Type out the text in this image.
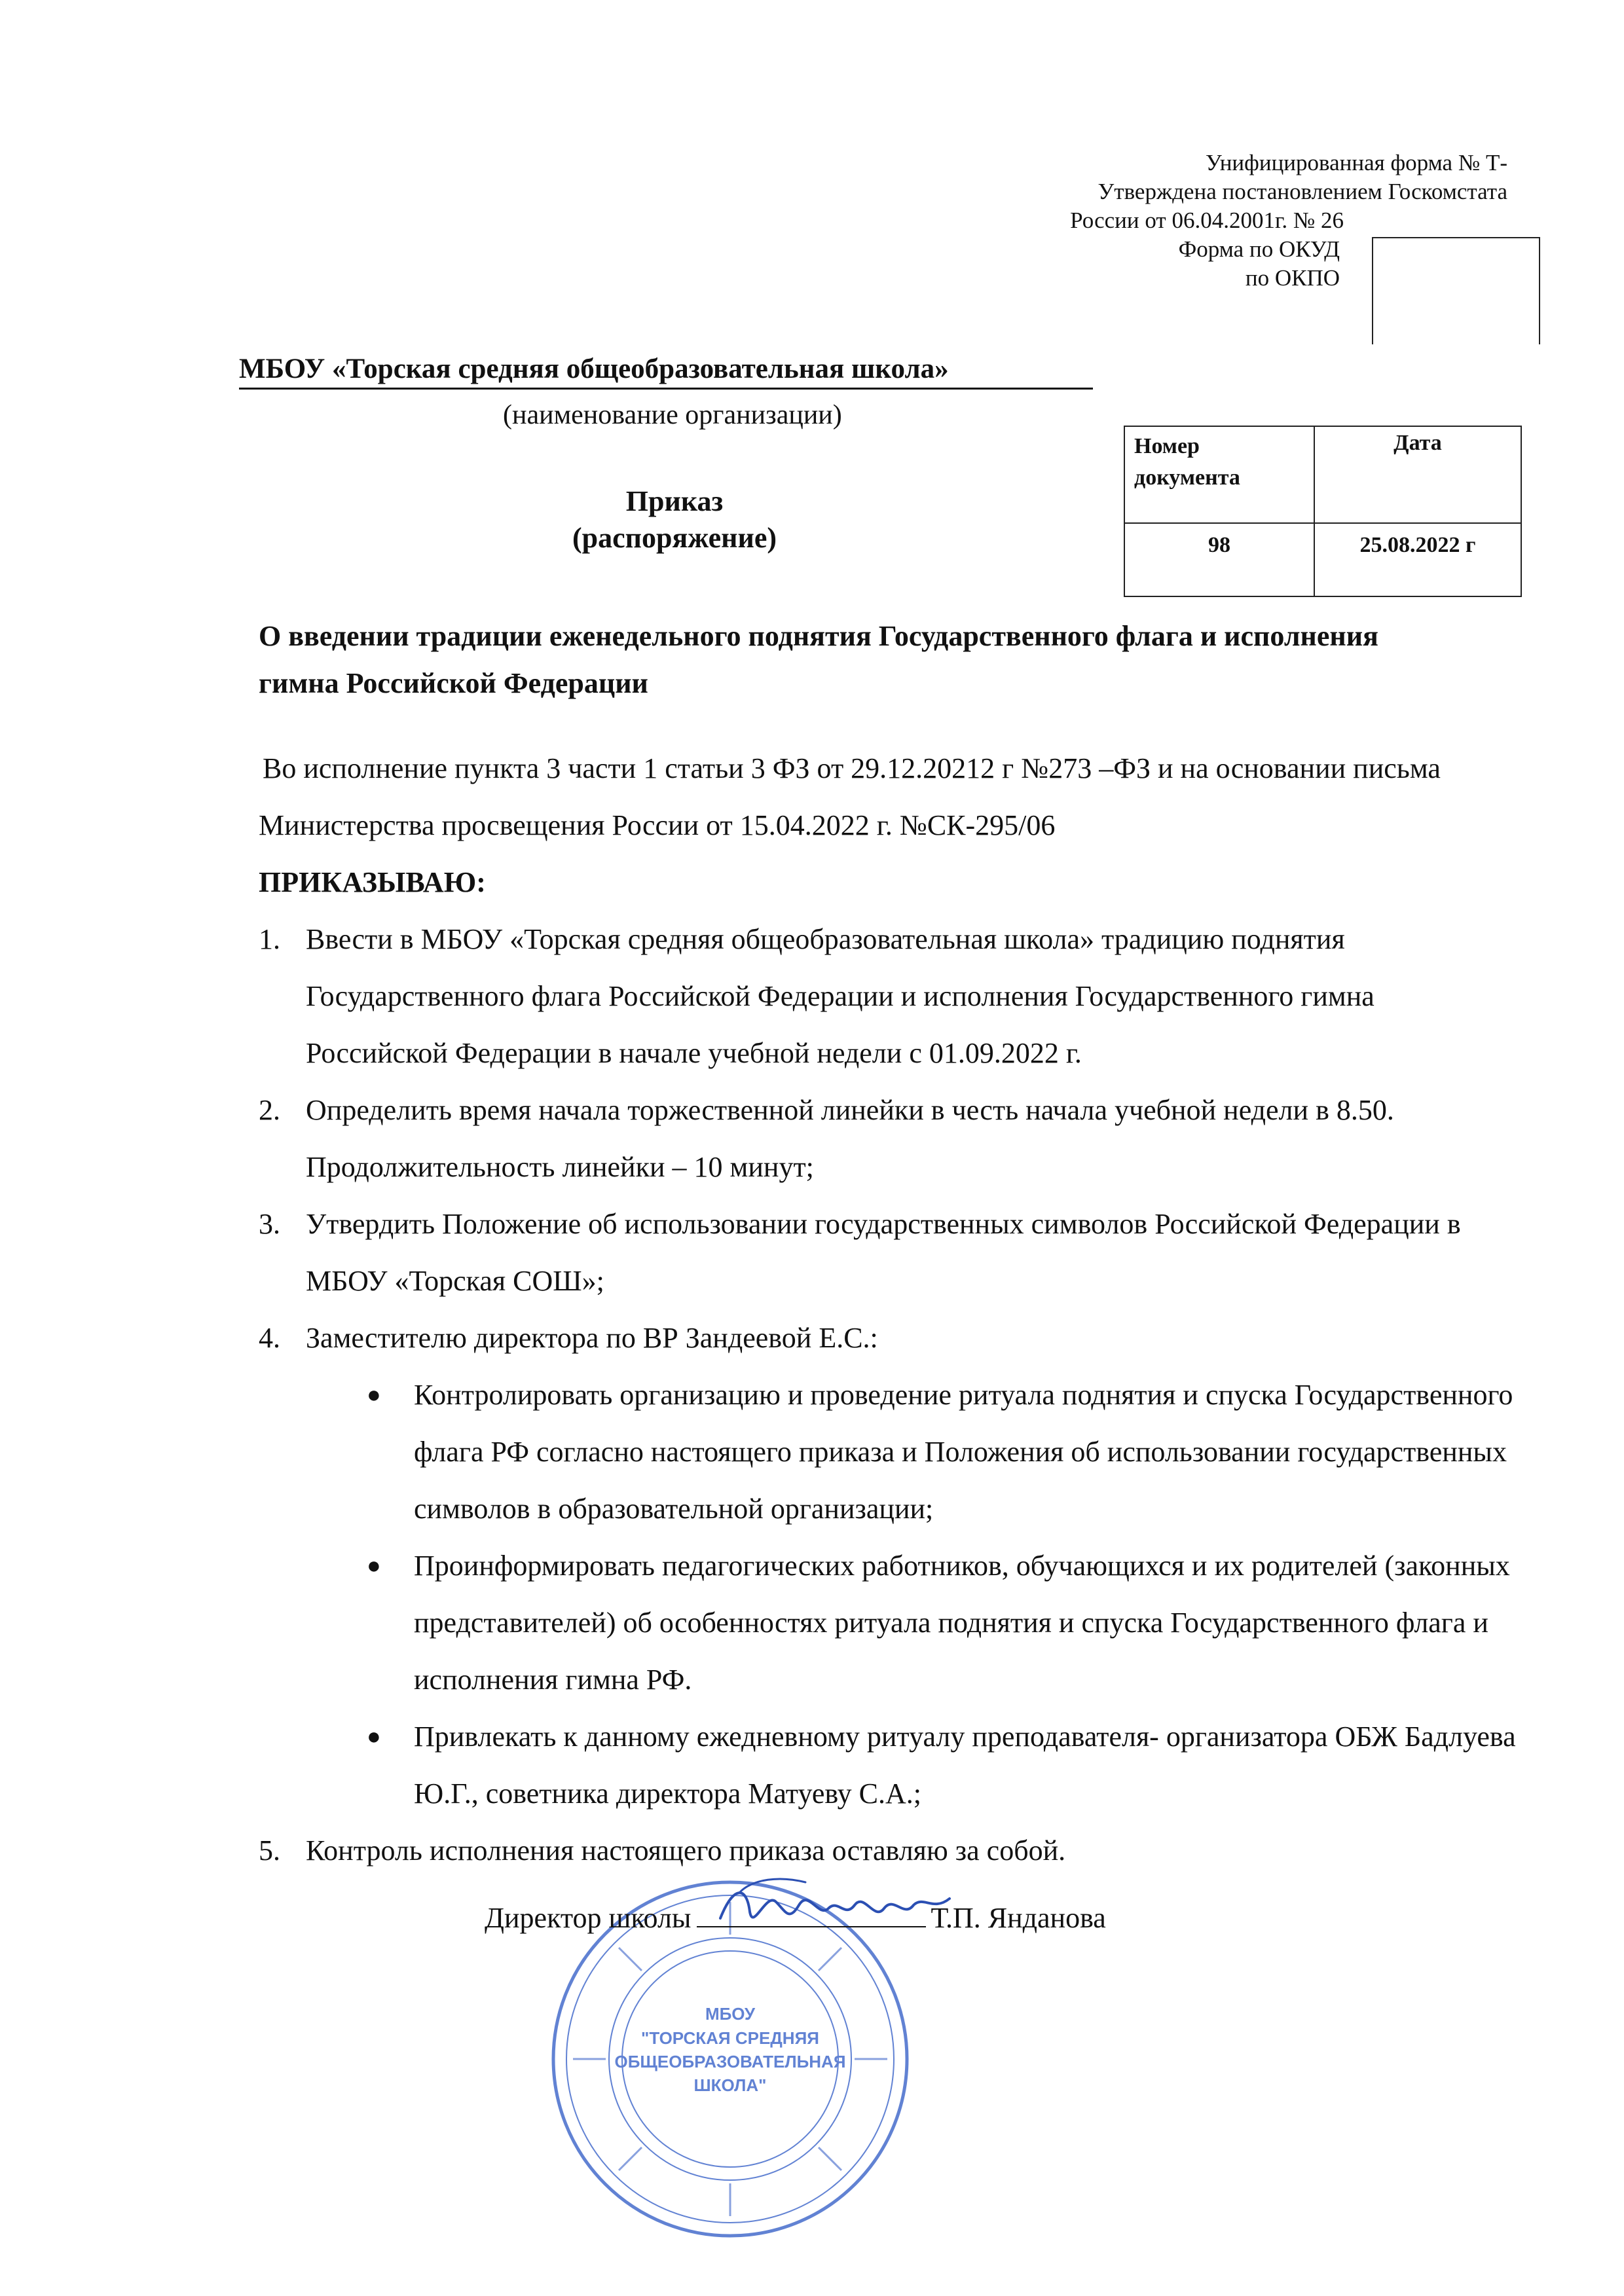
Унифицированная форма № Т-
Утверждена постановлением Госкомстата
России от 06.04.2001г. № 26
Форма по ОКУД
по ОКПО
МБОУ «Торская средняя общеобразовательная школа»
(наименование организации)
Приказ
(распоряжение)
Номер документа	Дата
98	25.08.2022 г
О введении традиции еженедельного поднятия Государственного флага и исполнения гимна Российской Федерации
Во исполнение пункта 3 части 1 статьи 3 ФЗ от 29.12.20212 г №273 –ФЗ и на основании письма Министерства просвещения России от 15.04.2022 г. №СК-295/06
ПРИКАЗЫВАЮ:
1. Ввести в МБОУ «Торская средняя общеобразовательная школа» традицию поднятия Государственного флага Российской Федерации и исполнения Государственного гимна Российской Федерации в начале учебной недели с 01.09.2022 г.
2. Определить время начала торжественной линейки в честь начала учебной недели в 8.50. Продолжительность линейки – 10 минут;
3. Утвердить Положение об использовании государственных символов Российской Федерации в МБОУ «Торская СОШ»;
4. Заместителю директора по ВР Зандеевой Е.С.:
● Контролировать организацию и проведение ритуала поднятия и спуска Государственного флага РФ согласно настоящего приказа и Положения об использовании государственных символов в образовательной организации;
● Проинформировать педагогических работников, обучающихся и их родителей (законных представителей) об особенностях ритуала поднятия и спуска Государственного флага и исполнения гимна РФ.
● Привлекать к данному ежедневному ритуалу преподавателя- организатора ОБЖ Бадлуева Ю.Г., советника директора Матуеву С.А.;
5. Контроль исполнения настоящего приказа оставляю за собой.
МБОУ
"ТОРСКАЯ СРЕДНЯЯ
ОБЩЕОБРАЗОВАТЕЛЬНАЯ
ШКОЛА"
Директор школы	Т.П. Янданова
